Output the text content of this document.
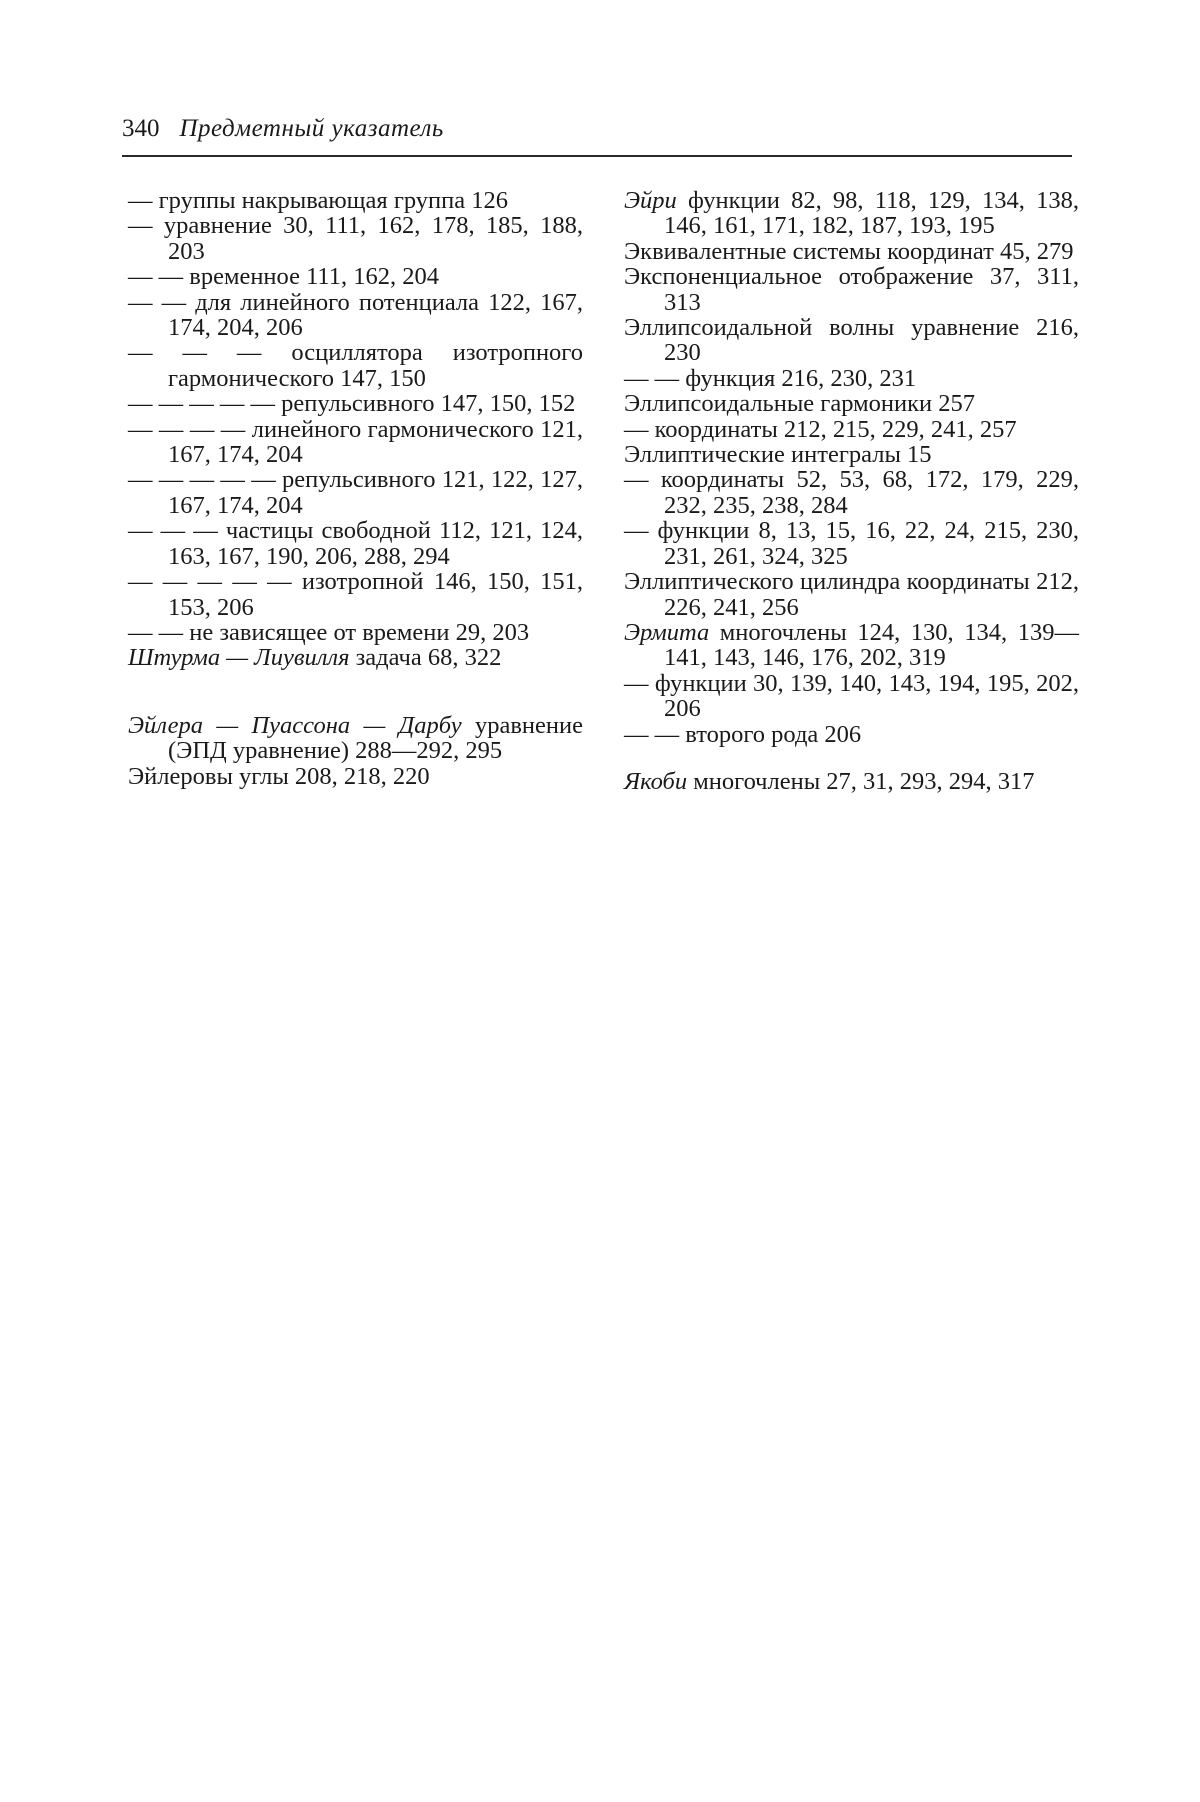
340 Предметный указатель

— группы накрывающая группа 126

— уравнение 30, 111, 162, 178, 185, 188, 203

— — временное 111, 162, 204

— — для линейного потенциала 122, 167, 174, 204, 206

— — — осциллятора изотропного гармонического 147, 150

— — — — — репульсивного 147, 150, 152

— — — — линейного гармонического 121, 167, 174, 204

— — — — — репульсивного 121, 122, 127, 167, 174, 204

— — — частицы свободной 112, 121, 124, 163, 167, 190, 206, 288, 294

— — — — — изотропной 146, 150, 151, 153, 206

— — не зависящее от времени 29, 203

Штурма — Лиувилля задача 68, 322

Эйлера — Пуассона — Дарбу уравнение (ЭПД уравнение) 288—292, 295

Эйлеровы углы 208, 218, 220

Эйри функции 82, 98, 118, 129, 134, 138, 146, 161, 171, 182, 187, 193, 195

Эквивалентные системы координат 45, 279

Экспоненциальное отображение 37, 311, 313

Эллипсоидальной волны уравнение 216, 230

— — функция 216, 230, 231

Эллипсоидальные гармоники 257

— координаты 212, 215, 229, 241, 257

Эллиптические интегралы 15

— координаты 52, 53, 68, 172, 179, 229, 232, 235, 238, 284

— функции 8, 13, 15, 16, 22, 24, 215, 230, 231, 261, 324, 325

Эллиптического цилиндра координаты 212, 226, 241, 256

Эрмита многочлены 124, 130, 134, 139—141, 143, 146, 176, 202, 319

— функции 30, 139, 140, 143, 194, 195, 202, 206

— — второго рода 206

Якоби многочлены 27, 31, 293, 294, 317
